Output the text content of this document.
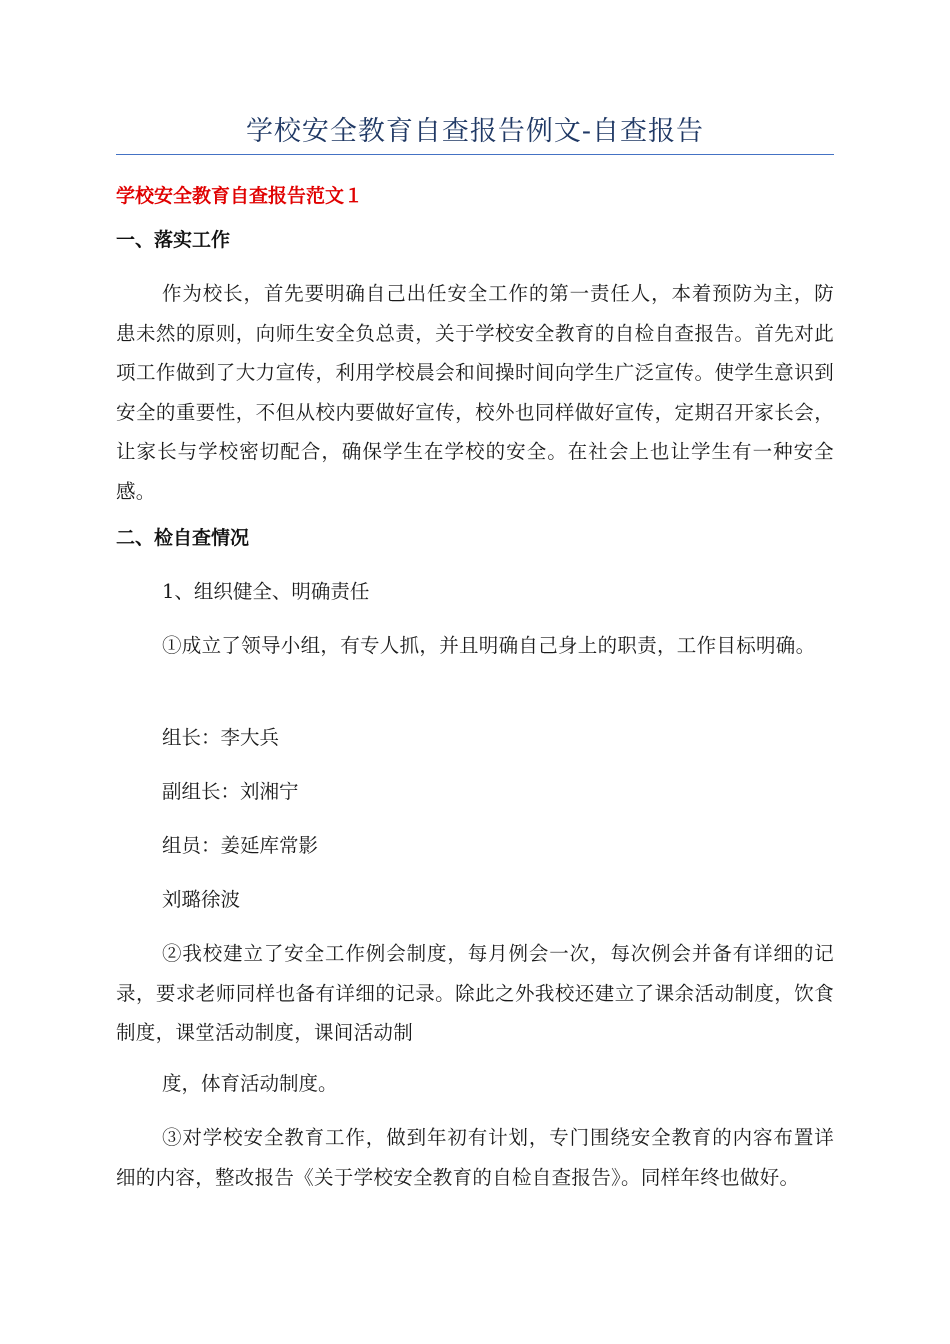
学校安全教育自查报告例文-自查报告
学校安全教育自查报告范文１
一、落实工作
作为校长，首先要明确自己出任安全工作的第一责任人，本着预防为主，防患未然的原则，向师生安全负总责，关于学校安全教育的自检自查报告。首先对此项工作做到了大力宣传，利用学校晨会和间操时间向学生广泛宣传。使学生意识到安全的重要性，不但从校内要做好宣传，校外也同样做好宣传，定期召开家长会，让家长与学校密切配合，确保学生在学校的安全。在社会上也让学生有一种安全感。
二、检自查情况
1、组织健全、明确责任
①成立了领导小组，有专人抓，并且明确自己身上的职责，工作目标明确。
组长：李大兵
副组长：刘湘宁
组员：姜延库常影
刘璐徐波
②我校建立了安全工作例会制度，每月例会一次，每次例会并备有详细的记录，要求老师同样也备有详细的记录。除此之外我校还建立了课余活动制度，饮食制度，课堂活动制度，课间活动制
度，体育活动制度。
③对学校安全教育工作，做到年初有计划，专门围绕安全教育的内容布置详细的内容，整改报告《关于学校安全教育的自检自查报告》。同样年终也做好。
